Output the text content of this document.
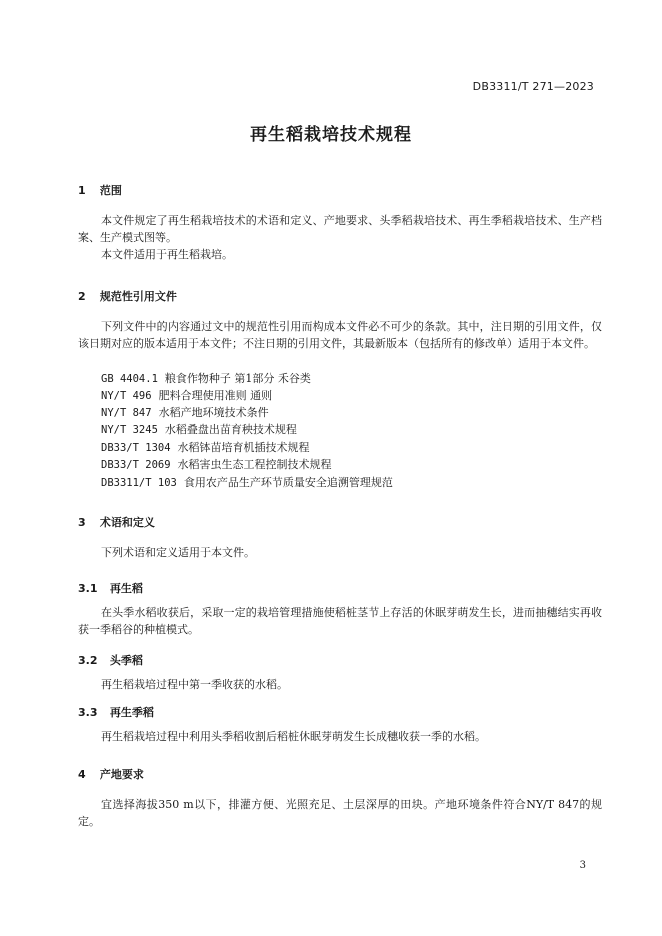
DB3311/T 271—2023
再生稻栽培技术规程
1 范围
本文件规定了再生稻栽培技术的术语和定义、产地要求、头季稻栽培技术、再生季稻栽培技术、生产档案、生产模式图等。
本文件适用于再生稻栽培。
2 规范性引用文件
下列文件中的内容通过文中的规范性引用而构成本文件必不可少的条款。其中，注日期的引用文件，仅该日期对应的版本适用于本文件；不注日期的引用文件，其最新版本（包括所有的修改单）适用于本文件。
GB 4404.1 粮食作物种子 第1部分 禾谷类
NY/T 496 肥料合理使用准则 通则
NY/T 847 水稻产地环境技术条件
NY/T 3245 水稻叠盘出苗育秧技术规程
DB33/T 1304 水稻钵苗培育机插技术规程
DB33/T 2069 水稻害虫生态工程控制技术规程
DB3311/T 103 食用农产品生产环节质量安全追溯管理规范
3 术语和定义
下列术语和定义适用于本文件。
3.1 再生稻
在头季水稻收获后，采取一定的栽培管理措施使稻桩茎节上存活的休眠芽萌发生长，进而抽穗结实再收获一季稻谷的种植模式。
3.2 头季稻
再生稻栽培过程中第一季收获的水稻。
3.3 再生季稻
再生稻栽培过程中利用头季稻收割后稻桩休眠芽萌发生长成穗收获一季的水稻。
4 产地要求
宜选择海拔350 m以下，排灌方便、光照充足、土层深厚的田块。产地环境条件符合NY/T 847的规定。
3
